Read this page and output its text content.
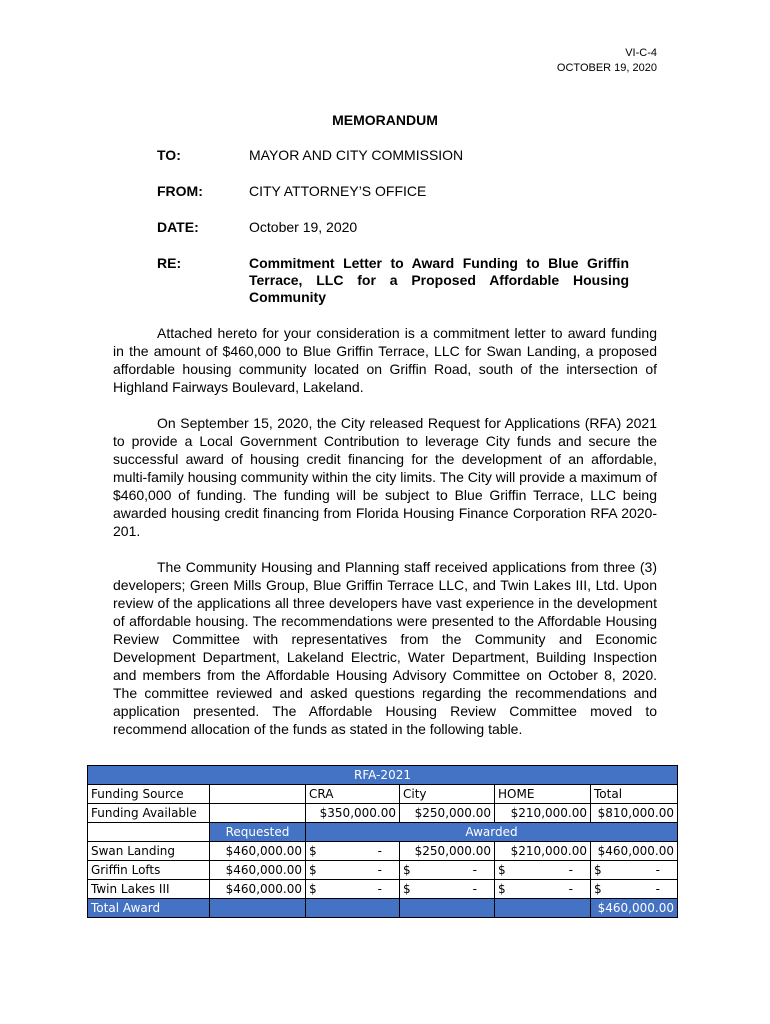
VI-C-4
OCTOBER 19, 2020
MEMORANDUM
TO:	MAYOR AND CITY COMMISSION
FROM:	CITY ATTORNEY’S OFFICE
DATE:	October 19, 2020
RE:	Commitment Letter to Award Funding to Blue Griffin Terrace, LLC for a Proposed Affordable Housing Community

Attached hereto for your consideration is a commitment letter to award funding in the amount of $460,000 to Blue Griffin Terrace, LLC for Swan Landing, a proposed affordable housing community located on Griffin Road, south of the intersection of Highland Fairways Boulevard, Lakeland.

On September 15, 2020, the City released Request for Applications (RFA) 2021 to provide a Local Government Contribution to leverage City funds and secure the successful award of housing credit financing for the development of an affordable, multi-family housing community within the city limits. The City will provide a maximum of $460,000 of funding. The funding will be subject to Blue Griffin Terrace, LLC being awarded housing credit financing from Florida Housing Finance Corporation RFA 2020-201.

The Community Housing and Planning staff received applications from three (3) developers; Green Mills Group, Blue Griffin Terrace LLC, and Twin Lakes III, Ltd. Upon review of the applications all three developers have vast experience in the development of affordable housing. The recommendations were presented to the Affordable Housing Review Committee with representatives from the Community and Economic Development Department, Lakeland Electric, Water Department, Building Inspection and members from the Affordable Housing Advisory Committee on October 8, 2020. The committee reviewed and asked questions regarding the recommendations and application presented. The Affordable Housing Review Committee moved to recommend allocation of the funds as stated in the following table.

RFA-2021					
Funding Source		CRA	City	HOME	Total
Funding Available		$350,000.00	$250,000.00	$210,000.00	$810,000.00
	Requested	Awarded			
Swan Landing	$460,000.00	$ -	$250,000.00	$210,000.00	$460,000.00
Griffin Lofts	$460,000.00	$ -	$ -	$ -	$ -

Twin Lakes III	$460,000.00	$ -	$ -	$ -	$ -

Total Award					$460,000.00
